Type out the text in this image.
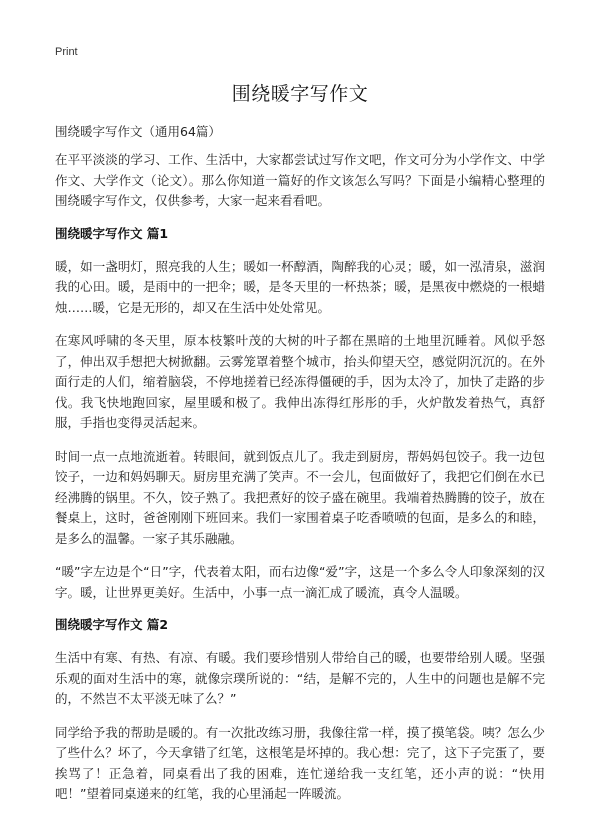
Print
围绕暖字写作文
围绕暖字写作文（通用64篇）

在平平淡淡的学习、工作、生活中，大家都尝试过写作文吧，作文可分为小学作文、中学作文、大学作文（论文）。那么你知道一篇好的作文该怎么写吗？下面是小编精心整理的围绕暖字写作文，仅供参考，大家一起来看看吧。

围绕暖字写作文 篇1

暖，如一盏明灯，照亮我的人生；暖如一杯醇酒，陶醉我的心灵；暖，如一泓清泉，滋润我的心田。暖，是雨中的一把伞；暖，是冬天里的一杯热茶；暖，是黑夜中燃烧的一根蜡烛……暖，它是无形的，却又在生活中处处常见。

在寒风呼啸的冬天里，原本枝繁叶茂的大树的叶子都在黑暗的土地里沉睡着。风似乎怒了，伸出双手想把大树掀翻。云雾笼罩着整个城市，抬头仰望天空，感觉阴沉沉的。在外面行走的人们，缩着脑袋，不停地搓着已经冻得僵硬的手，因为太冷了，加快了走路的步伐。我飞快地跑回家，屋里暖和极了。我伸出冻得红彤彤的手，火炉散发着热气，真舒服，手指也变得灵活起来。

时间一点一点地流逝着。转眼间，就到饭点儿了。我走到厨房，帮妈妈包饺子。我一边包饺子，一边和妈妈聊天。厨房里充满了笑声。不一会儿，包面做好了，我把它们倒在水已经沸腾的锅里。不久，饺子熟了。我把煮好的饺子盛在碗里。我端着热腾腾的饺子，放在餐桌上，这时，爸爸刚刚下班回来。我们一家围着桌子吃香喷喷的包面，是多么的和睦，是多么的温馨。一家子其乐融融。

“暖”字左边是个“日”字，代表着太阳，而右边像“爱”字，这是一个多么令人印象深刻的汉字。暖，让世界更美好。生活中，小事一点一滴汇成了暖流，真令人温暖。

围绕暖字写作文 篇2

生活中有寒、有热、有凉、有暖。我们要珍惜别人带给自己的暖，也要带给别人暖。坚强乐观的面对生活中的寒，就像宗璞所说的：“结，是解不完的，人生中的问题也是解不完的，不然岂不太平淡无味了么？”

同学给予我的帮助是暖的。有一次批改练习册，我像往常一样，摸了摸笔袋。咦？怎么少了些什么？坏了，今天拿错了红笔，这根笔是坏掉的。我心想：完了，这下子完蛋了，要挨骂了！正急着，同桌看出了我的困难，连忙递给我一支红笔，还小声的说：“快用吧！”望着同桌递来的红笔，我的心里涌起一阵暖流。
